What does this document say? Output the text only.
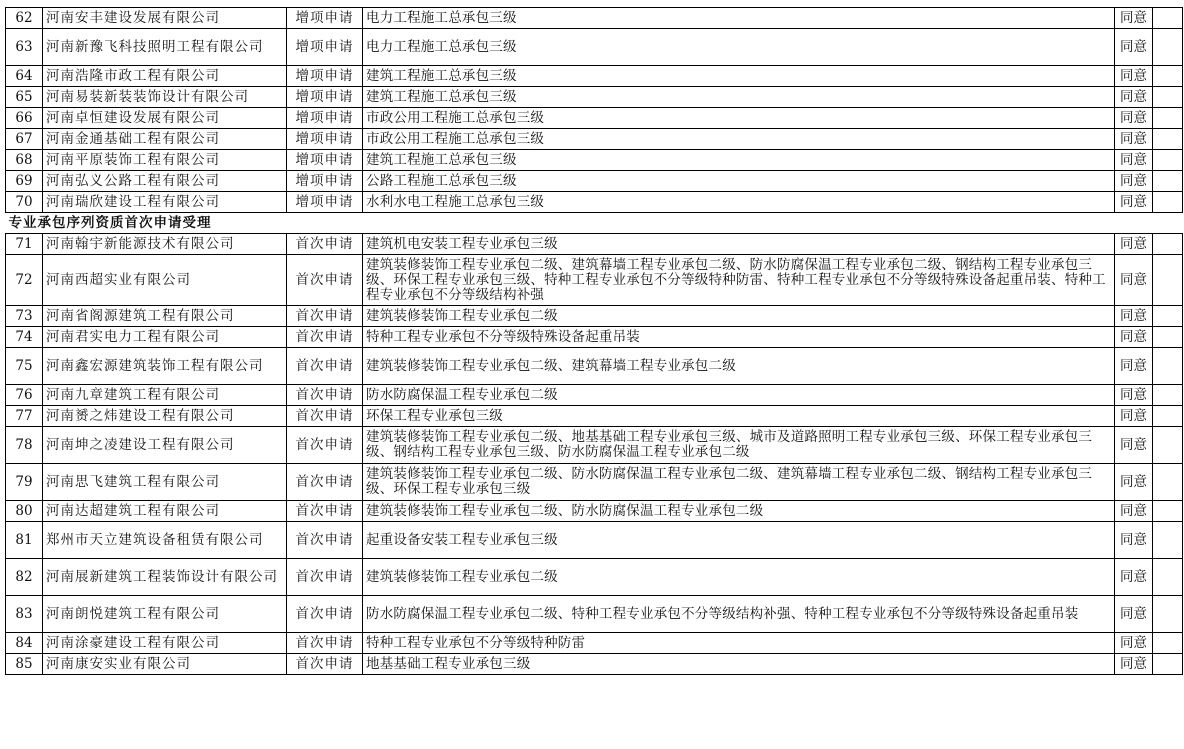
62	河南安丰建设发展有限公司	增项申请	电力工程施工总承包三级	同意	
63	河南新豫飞科技照明工程有限公司	增项申请	电力工程施工总承包三级	同意	
64	河南浩隆市政工程有限公司	增项申请	建筑工程施工总承包三级	同意	
65	河南易装新装装饰设计有限公司	增项申请	建筑工程施工总承包三级	同意	
66	河南卓恒建设发展有限公司	增项申请	市政公用工程施工总承包三级	同意	
67	河南金通基础工程有限公司	增项申请	市政公用工程施工总承包三级	同意	
68	河南平原装饰工程有限公司	增项申请	建筑工程施工总承包三级	同意	
69	河南弘义公路工程有限公司	增项申请	公路工程施工总承包三级	同意	
70	河南瑞欣建设工程有限公司	增项申请	水利水电工程施工总承包三级	同意	
专业承包序列资质首次申请受理					
71	河南翰宇新能源技术有限公司	首次申请	建筑机电安装工程专业承包三级	同意	
72	河南西超实业有限公司	首次申请	建筑装修装饰工程专业承包二级、建筑幕墙工程专业承包二级、防水防腐保温工程专业承包二级、钢结构工程专业承包三级、环保工程专业承包三级、特种工程专业承包不分等级特种防雷、特种工程专业承包不分等级特殊设备起重吊装、特种工程专业承包不分等级结构补强	同意	
73	河南省阁源建筑工程有限公司	首次申请	建筑装修装饰工程专业承包二级	同意	
74	河南君实电力工程有限公司	首次申请	特种工程专业承包不分等级特殊设备起重吊装	同意	
75	河南鑫宏源建筑装饰工程有限公司	首次申请	建筑装修装饰工程专业承包二级、建筑幕墙工程专业承包二级	同意	
76	河南九章建筑工程有限公司	首次申请	防水防腐保温工程专业承包二级	同意	
77	河南赟之炜建设工程有限公司	首次申请	环保工程专业承包三级	同意	
78	河南坤之凌建设工程有限公司	首次申请	建筑装修装饰工程专业承包二级、地基基础工程专业承包三级、城市及道路照明工程专业承包三级、环保工程专业承包三级、钢结构工程专业承包三级、防水防腐保温工程专业承包二级	同意	
79	河南思飞建筑工程有限公司	首次申请	建筑装修装饰工程专业承包二级、防水防腐保温工程专业承包二级、建筑幕墙工程专业承包二级、钢结构工程专业承包三级、环保工程专业承包三级	同意	
80	河南达超建筑工程有限公司	首次申请	建筑装修装饰工程专业承包二级、防水防腐保温工程专业承包二级	同意	
81	郑州市天立建筑设备租赁有限公司	首次申请	起重设备安装工程专业承包三级	同意	
82	河南展新建筑工程装饰设计有限公司	首次申请	建筑装修装饰工程专业承包二级	同意	
83	河南朗悦建筑工程有限公司	首次申请	防水防腐保温工程专业承包二级、特种工程专业承包不分等级结构补强、特种工程专业承包不分等级特殊设备起重吊装	同意	
84	河南涂豪建设工程有限公司	首次申请	特种工程专业承包不分等级特种防雷	同意	
85	河南康安实业有限公司	首次申请	地基基础工程专业承包三级	同意	
